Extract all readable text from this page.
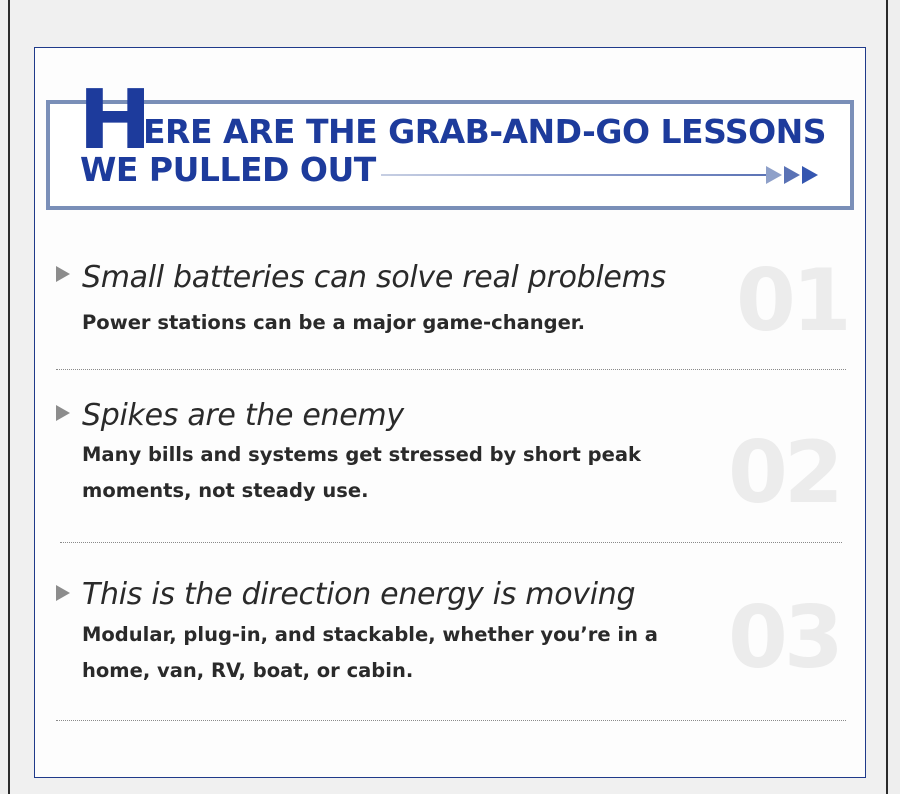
H
ERE ARE THE GRAB-AND-GO LESSONS
WE PULLED OUT
01
Small batteries can solve real problems
Power stations can be a major game-changer.
02
Spikes are the enemy
Many bills and systems get stressed by short peak moments, not steady use.
03
This is the direction energy is moving
Modular, plug-in, and stackable, whether you’re in a home, van, RV, boat, or cabin.
